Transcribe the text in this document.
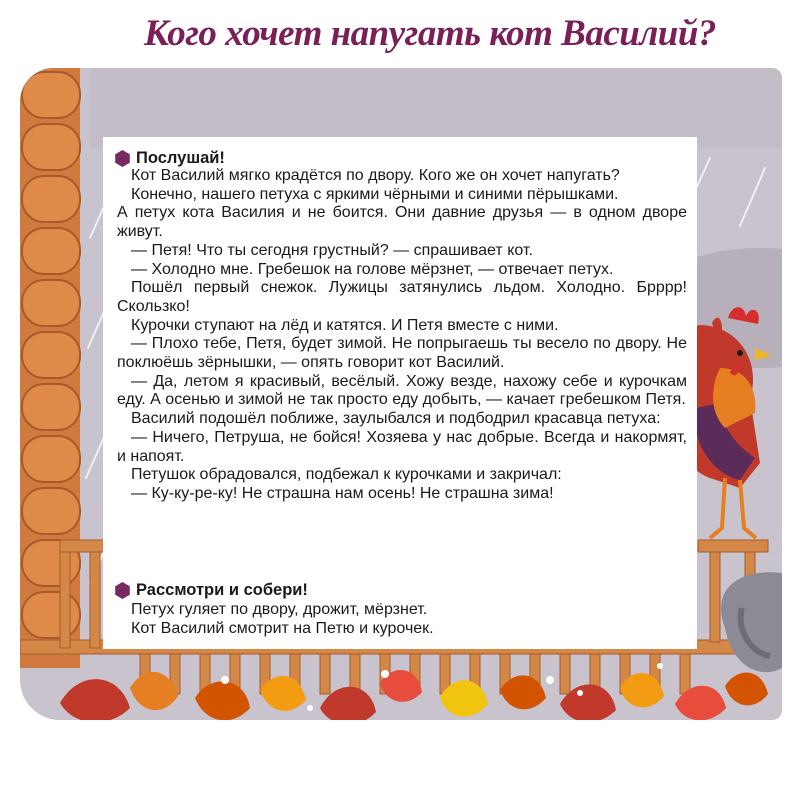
Кого хочет напугать кот Василий?
Послушай!

Кот Василий мягко крадётся по двору. Кого же он хочет напугать?

Конечно, нашего петуха с яркими чёрными и синими пёрышками.

А петух кота Василия и не боится. Они давние друзья — в одном дворе живут.

— Петя! Что ты сегодня грустный? — спрашивает кот.

— Холодно мне. Гребешок на голове мёрзнет, — отвечает петух.

Пошёл первый снежок. Лужицы затянулись льдом. Холодно. Брррр! Скользко!

Курочки ступают на лёд и катятся. И Петя вместе с ними.

— Плохо тебе, Петя, будет зимой. Не попрыгаешь ты весело по двору. Не поклюёшь зёрнышки, — опять говорит кот Василий.

— Да, летом я красивый, весёлый. Хожу везде, нахожу себе и курочкам еду. А осенью и зимой не так просто еду добыть, — качает гребешком Петя.

Василий подошёл поближе, заулыбался и подбодрил красавца петуха:

— Ничего, Петруша, не бойся! Хозяева у нас добрые. Всегда и накормят, и напоят.

Петушок обрадовался, подбежал к курочками и закричал:

— Ку-ку-ре-ку! Не страшна нам осень! Не страшна зима!

Рассмотри и собери!

Петух гуляет по двору, дрожит, мёрзнет.

Кот Василий смотрит на Петю и курочек.
